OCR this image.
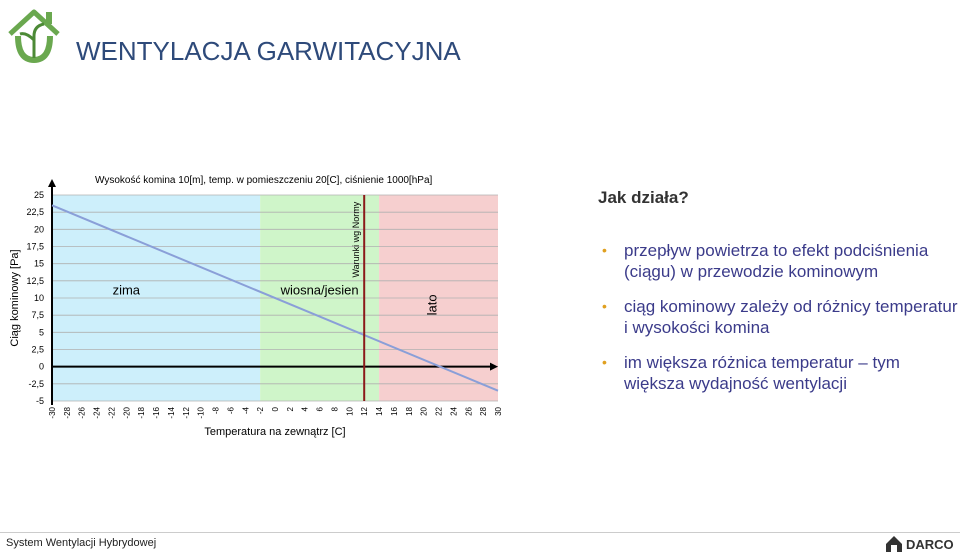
WENTYLACJA GARWITACYJNA
25
22,5
20
17,5
15
12,5
10
7,5
5
2,5
0
-2,5
-5
-30 -28 -26 -24 -22 -20 -18 -16 -14 -12 -10 -8 -6 -4 -2 0 2 4 6 8 10 12 14 16 18 20 22 24 26 28 30
Wysokość komina 10[m], temp. w pomieszczeniu 20[C], ciśnienie 1000[hPa]
Temperatura na zewnątrz [C]
Ciąg kominowy [Pa]	zima	wiosna/jesien
lato
Warunki wg Normy
Jak działa?
• przepływ powietrza to efekt podciśnienia (ciągu) w przewodzie kominowym
• ciąg kominowy zależy od różnicy temperatur i wysokości komina
• im większa różnica temperatur – tym większa wydajność wentylacji
System Wentylacji Hybrydowej	DARCO
